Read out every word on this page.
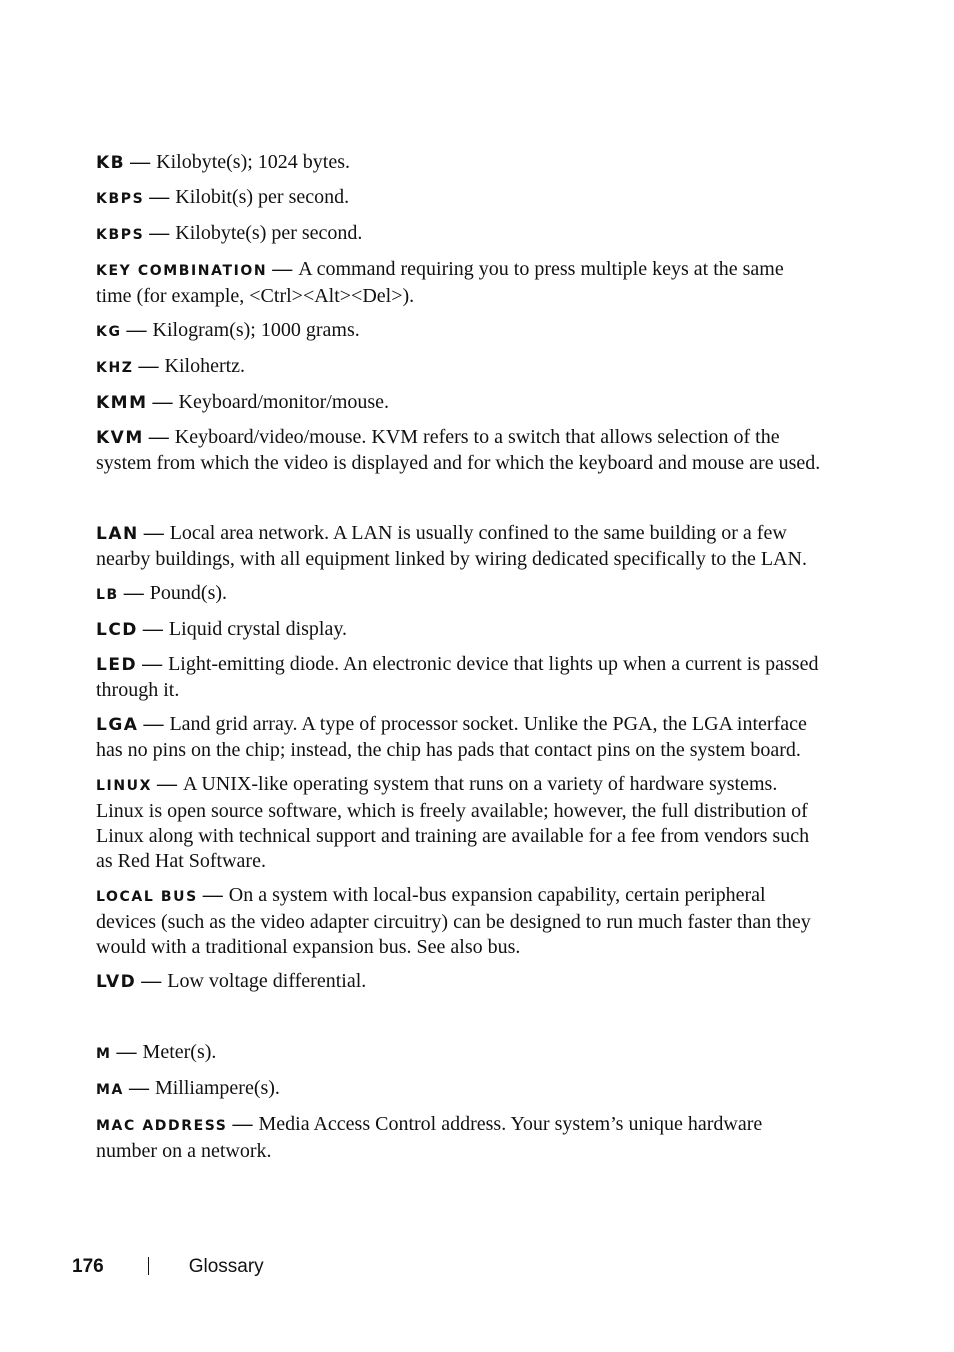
KB — Kilobyte(s); 1024 bytes.

KBPS — Kilobit(s) per second.

KBPS — Kilobyte(s) per second.

KEY COMBINATION — A command requiring you to press multiple keys at the same time (for example, <Ctrl><Alt><Del>).

KG — Kilogram(s); 1000 grams.

KHZ — Kilohertz.

KMM — Keyboard/monitor/mouse.

KVM — Keyboard/video/mouse. KVM refers to a switch that allows selection of the system from which the video is displayed and for which the keyboard and mouse are used.

LAN — Local area network. A LAN is usually confined to the same building or a few nearby buildings, with all equipment linked by wiring dedicated specifically to the LAN.

LB — Pound(s).

LCD — Liquid crystal display.

LED — Light-emitting diode. An electronic device that lights up when a current is passed through it.

LGA — Land grid array. A type of processor socket. Unlike the PGA, the LGA interface has no pins on the chip; instead, the chip has pads that contact pins on the system board.

LINUX — A UNIX-like operating system that runs on a variety of hardware systems. Linux is open source software, which is freely available; however, the full distribution of Linux along with technical support and training are available for a fee from vendors such as Red Hat Software.

LOCAL BUS — On a system with local-bus expansion capability, certain peripheral devices (such as the video adapter circuitry) can be designed to run much faster than they would with a traditional expansion bus. See also bus.

LVD — Low voltage differential.

M — Meter(s).

MA — Milliampere(s).

MAC ADDRESS — Media Access Control address. Your system’s unique hardware number on a network.

176	Glossary
